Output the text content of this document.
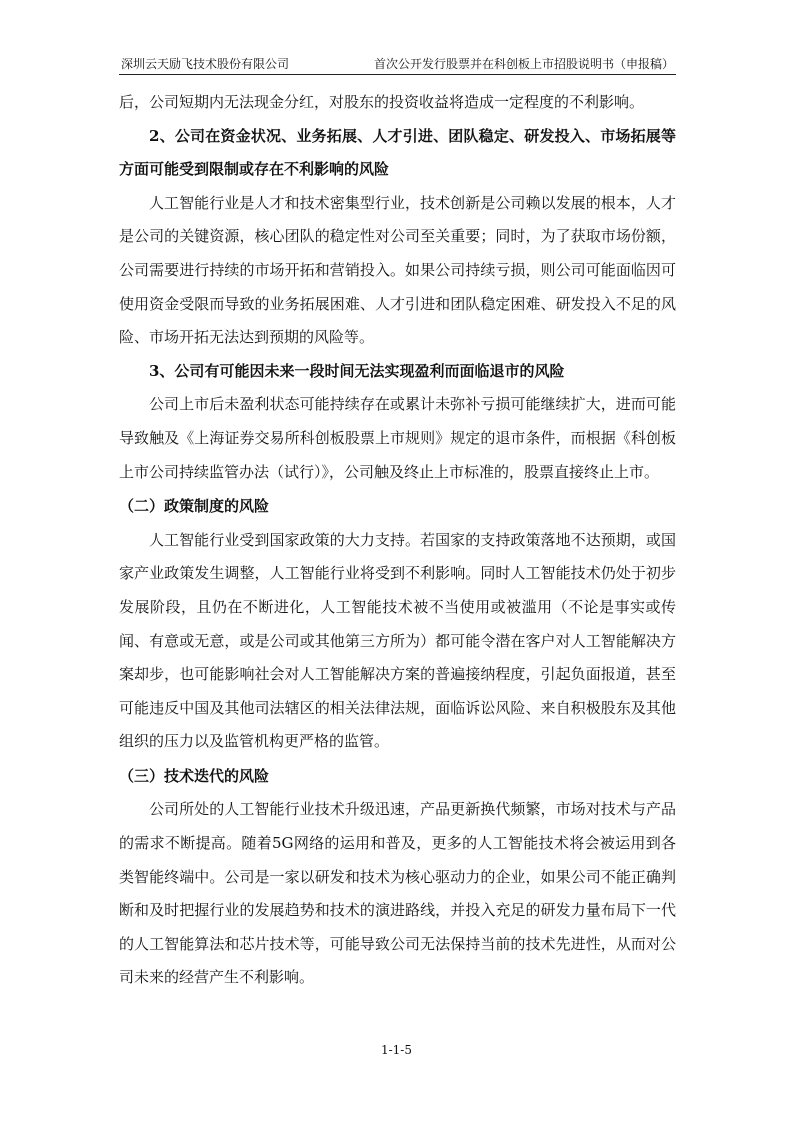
深圳云天励飞技术股份有限公司	首次公开发行股票并在科创板上市招股说明书（申报稿）

后，公司短期内无法现金分红，对股东的投资收益将造成一定程度的不利影响。

2、公司在资金状况、业务拓展、人才引进、团队稳定、研发投入、市场拓展等方面可能受到限制或存在不利影响的风险

人工智能行业是人才和技术密集型行业，技术创新是公司赖以发展的根本，人才是公司的关键资源，核心团队的稳定性对公司至关重要；同时，为了获取市场份额，公司需要进行持续的市场开拓和营销投入。如果公司持续亏损，则公司可能面临因可使用资金受限而导致的业务拓展困难、人才引进和团队稳定困难、研发投入不足的风险、市场开拓无法达到预期的风险等。

3、公司有可能因未来一段时间无法实现盈利而面临退市的风险

公司上市后未盈利状态可能持续存在或累计未弥补亏损可能继续扩大，进而可能导致触及《上海证券交易所科创板股票上市规则》规定的退市条件，而根据《科创板上市公司持续监管办法（试行）》，公司触及终止上市标准的，股票直接终止上市。

（二）政策制度的风险

人工智能行业受到国家政策的大力支持。若国家的支持政策落地不达预期，或国家产业政策发生调整，人工智能行业将受到不利影响。同时人工智能技术仍处于初步发展阶段，且仍在不断进化，人工智能技术被不当使用或被滥用（不论是事实或传闻、有意或无意，或是公司或其他第三方所为）都可能令潜在客户对人工智能解决方案却步，也可能影响社会对人工智能解决方案的普遍接纳程度，引起负面报道，甚至可能违反中国及其他司法辖区的相关法律法规，面临诉讼风险、来自积极股东及其他组织的压力以及监管机构更严格的监管。

（三）技术迭代的风险

公司所处的人工智能行业技术升级迅速，产品更新换代频繁，市场对技术与产品的需求不断提高。随着5G网络的运用和普及，更多的人工智能技术将会被运用到各类智能终端中。公司是一家以研发和技术为核心驱动力的企业，如果公司不能正确判断和及时把握行业的发展趋势和技术的演进路线，并投入充足的研发力量布局下一代的人工智能算法和芯片技术等，可能导致公司无法保持当前的技术先进性，从而对公司未来的经营产生不利影响。

1-1-5
